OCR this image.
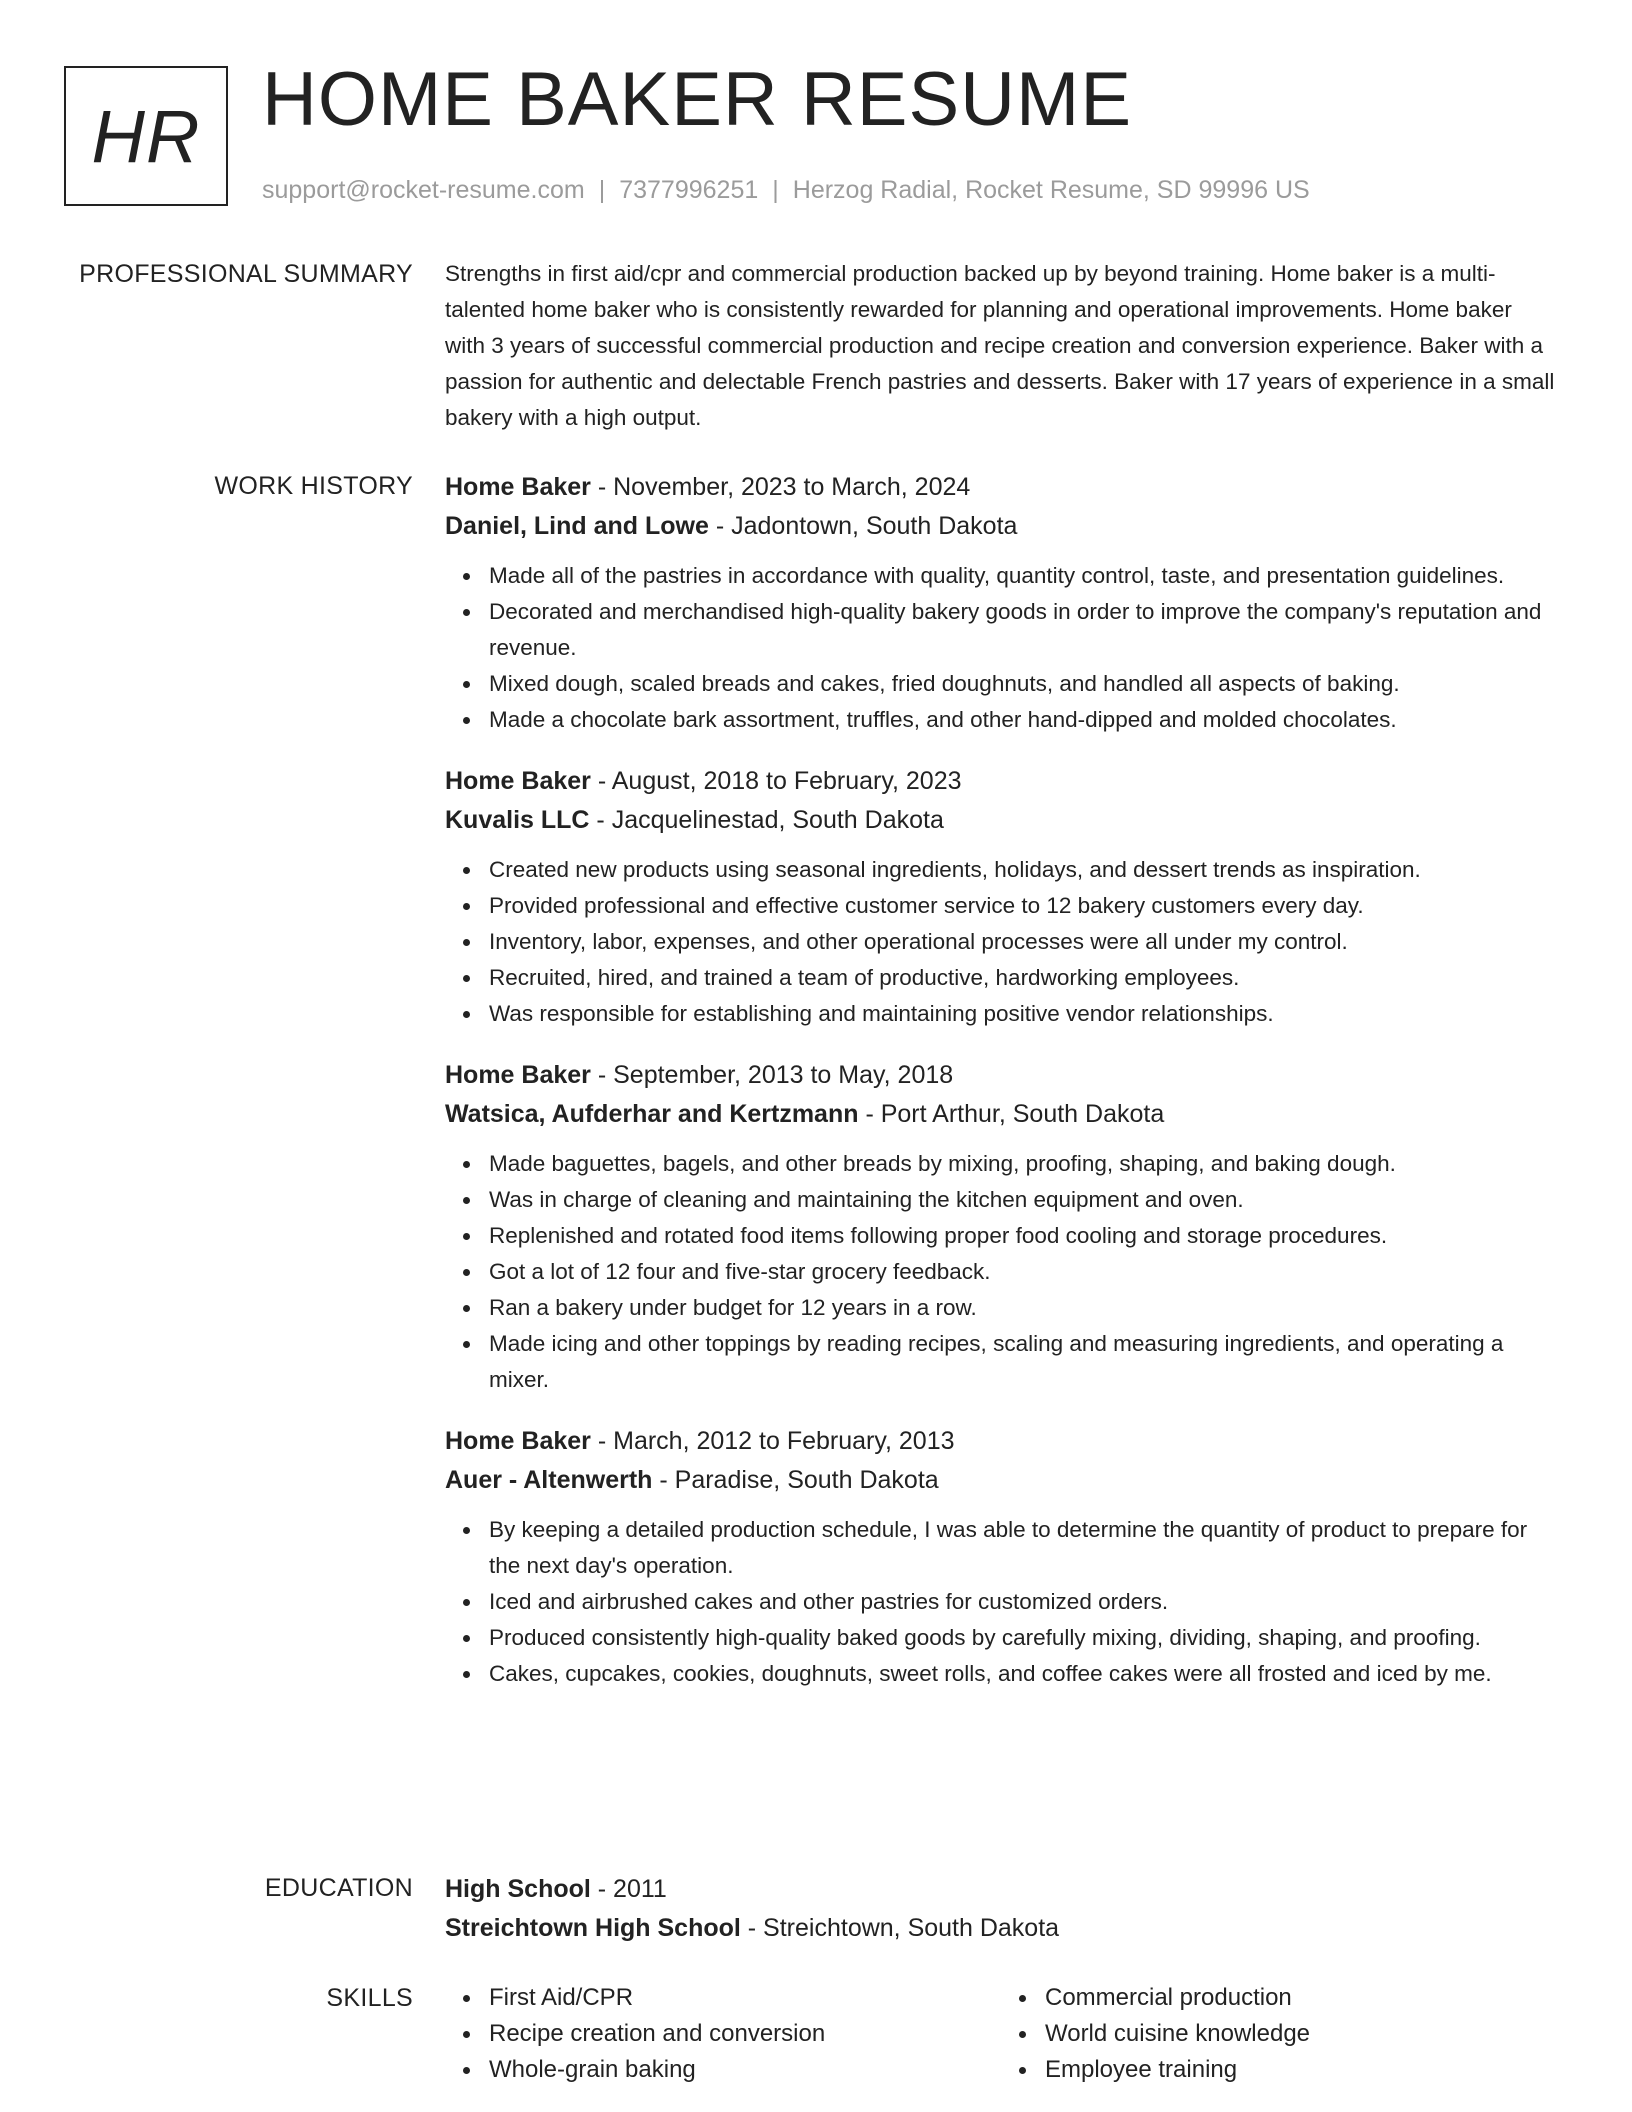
HR HOME BAKER RESUME
support@rocket-resume.com | 7377996251 | Herzog Radial, Rocket Resume, SD 99996 US
PROFESSIONAL SUMMARY Strengths in first aid/cpr and commercial production backed up by beyond training. Home baker is a multi-talented home baker who is consistently rewarded for planning and operational improvements. Home baker with 3 years of successful commercial production and recipe creation and conversion experience. Baker with a passion for authentic and delectable French pastries and desserts. Baker with 17 years of experience in a small bakery with a high output.

WORK HISTORY Home Baker - November, 2023 to March, 2024
Daniel, Lind and Lowe - Jadontown, South Dakota
Made all of the pastries in accordance with quality, quantity control, taste, and presentation guidelines.
Decorated and merchandised high-quality bakery goods in order to improve the company's reputation and revenue.
Mixed dough, scaled breads and cakes, fried doughnuts, and handled all aspects of baking.
Made a chocolate bark assortment, truffles, and other hand-dipped and molded chocolates.
Home Baker - August, 2018 to February, 2023
Kuvalis LLC - Jacquelinestad, South Dakota
Created new products using seasonal ingredients, holidays, and dessert trends as inspiration.
Provided professional and effective customer service to 12 bakery customers every day.
Inventory, labor, expenses, and other operational processes were all under my control.
Recruited, hired, and trained a team of productive, hardworking employees.
Was responsible for establishing and maintaining positive vendor relationships.
Home Baker - September, 2013 to May, 2018
Watsica, Aufderhar and Kertzmann - Port Arthur, South Dakota
Made baguettes, bagels, and other breads by mixing, proofing, shaping, and baking dough.
Was in charge of cleaning and maintaining the kitchen equipment and oven.
Replenished and rotated food items following proper food cooling and storage procedures.
Got a lot of 12 four and five-star grocery feedback.
Ran a bakery under budget for 12 years in a row.
Made icing and other toppings by reading recipes, scaling and measuring ingredients, and operating a mixer.
Home Baker - March, 2012 to February, 2013
Auer - Altenwerth - Paradise, South Dakota
By keeping a detailed production schedule, I was able to determine the quantity of product to prepare for the next day's operation.
Iced and airbrushed cakes and other pastries for customized orders.
Produced consistently high-quality baked goods by carefully mixing, dividing, shaping, and proofing.
Cakes, cupcakes, cookies, doughnuts, sweet rolls, and coffee cakes were all frosted and iced by me.
EDUCATION High School - 2011
Streichtown High School - Streichtown, South Dakota
SKILLS	First Aid/CPR
Recipe creation and conversion
Whole-grain baking
Commercial production
World cuisine knowledge
Employee training
